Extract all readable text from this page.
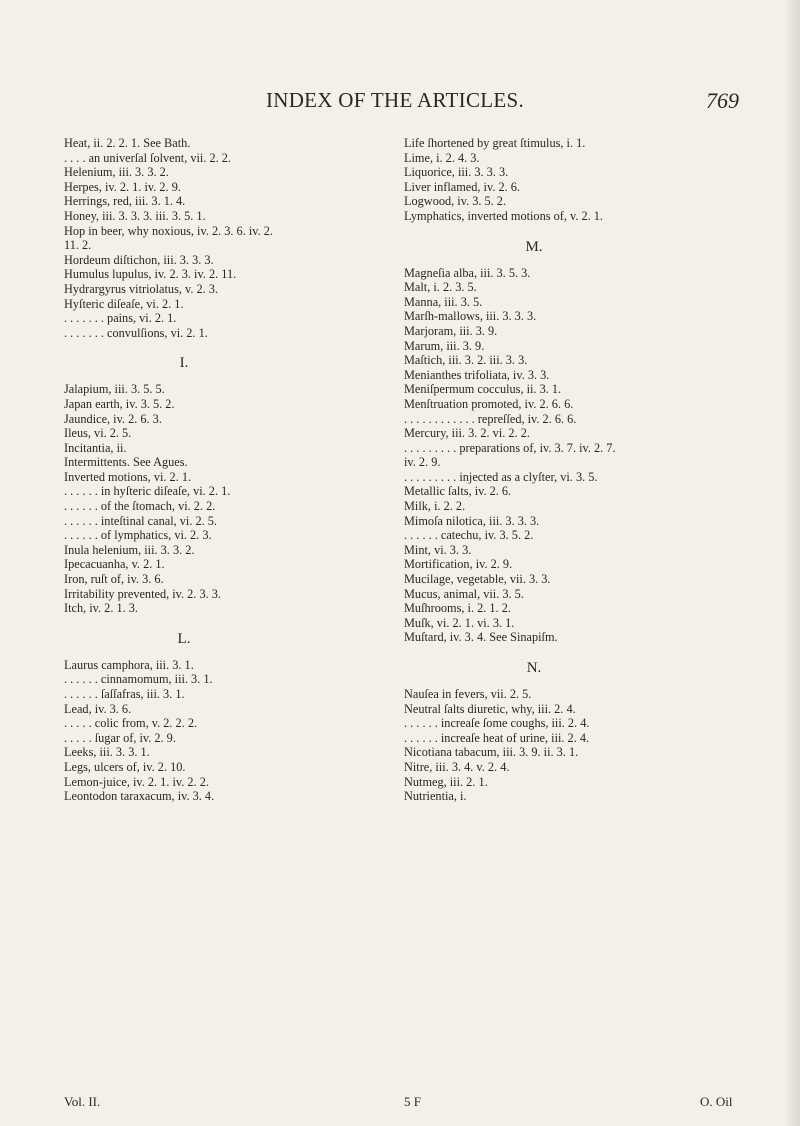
INDEX OF THE ARTICLES.	769
Heat, ii. 2. 2. 1. See Bath.
. . . . an univerſal ſolvent, vii. 2. 2.
Helenium, iii. 3. 3. 2.
Herpes, iv. 2. 1. iv. 2. 9.
Herrings, red, iii. 3. 1. 4.
Honey, iii. 3. 3. 3. iii. 3. 5. 1.
Hop in beer, why noxious, iv. 2. 3. 6. iv. 2.
11. 2.
Hordeum diſtichon, iii. 3. 3. 3.
Humulus lupulus, iv. 2. 3. iv. 2. 11.
Hydrargyrus vitriolatus, v. 2. 3.
Hyſteric diſeaſe, vi. 2. 1.
. . . . . . . pains, vi. 2. 1.
. . . . . . . convulſions, vi. 2. 1.
I.
Jalapium, iii. 3. 5. 5.
Japan earth, iv. 3. 5. 2.
Jaundice, iv. 2. 6. 3.
Ileus, vi. 2. 5.
Incitantia, ii.
Intermittents. See Agues.
Inverted motions, vi. 2. 1.
. . . . . . in hyſteric diſeaſe, vi. 2. 1.
. . . . . . of the ſtomach, vi. 2. 2.
. . . . . . inteſtinal canal, vi. 2. 5.
. . . . . . of lymphatics, vi. 2. 3.
Inula helenium, iii. 3. 3. 2.
Ipecacuanha, v. 2. 1.
Iron, ruſt of, iv. 3. 6.
Irritability prevented, iv. 2. 3. 3.
Itch, iv. 2. 1. 3.
L.
Laurus camphora, iii. 3. 1.
. . . . . . cinnamomum, iii. 3. 1.
. . . . . . ſaſſafras, iii. 3. 1.
Lead, iv. 3. 6.
. . . . . colic from, v. 2. 2. 2.
. . . . . ſugar of, iv. 2. 9.
Leeks, iii. 3. 3. 1.
Legs, ulcers of, iv. 2. 10.
Lemon-juice, iv. 2. 1. iv. 2. 2.
Leontodon taraxacum, iv. 3. 4.
Life ſhortened by great ſtimulus, i. 1.
Lime, i. 2. 4. 3.
Liquorice, iii. 3. 3. 3.
Liver inflamed, iv. 2. 6.
Logwood, iv. 3. 5. 2.
Lymphatics, inverted motions of, v. 2. 1.
M.
Magneſia alba, iii. 3. 5. 3.
Malt, i. 2. 3. 5.
Manna, iii. 3. 5.
Marſh-mallows, iii. 3. 3. 3.
Marjoram, iii. 3. 9.
Marum, iii. 3. 9.
Maſtich, iii. 3. 2. iii. 3. 3.
Menianthes trifoliata, iv. 3. 3.
Meniſpermum cocculus, ii. 3. 1.
Menſtruation promoted, iv. 2. 6. 6.
. . . . . . . . . . . . repreſſed, iv. 2. 6. 6.
Mercury, iii. 3. 2. vi. 2. 2.
. . . . . . . . . preparations of, iv. 3. 7. iv. 2. 7.
iv. 2. 9.
. . . . . . . . . injected as a clyſter, vi. 3. 5.
Metallic ſalts, iv. 2. 6.
Milk, i. 2. 2.
Mimoſa nilotica, iii. 3. 3. 3.
. . . . . . catechu, iv. 3. 5. 2.
Mint, vi. 3. 3.
Mortification, iv. 2. 9.
Mucilage, vegetable, vii. 3. 3.
Mucus, animal, vii. 3. 5.
Muſhrooms, i. 2. 1. 2.
Muſk, vi. 2. 1. vi. 3. 1.
Muſtard, iv. 3. 4. See Sinapiſm.
N.
Nauſea in fevers, vii. 2. 5.
Neutral ſalts diuretic, why, iii. 2. 4.
. . . . . . increaſe ſome coughs, iii. 2. 4.
. . . . . . increaſe heat of urine, iii. 2. 4.
Nicotiana tabacum, iii. 3. 9. ii. 3. 1.
Nitre, iii. 3. 4. v. 2. 4.
Nutmeg, iii. 2. 1.
Nutrientia, i.
Vol. II.	5 F	O. Oil
